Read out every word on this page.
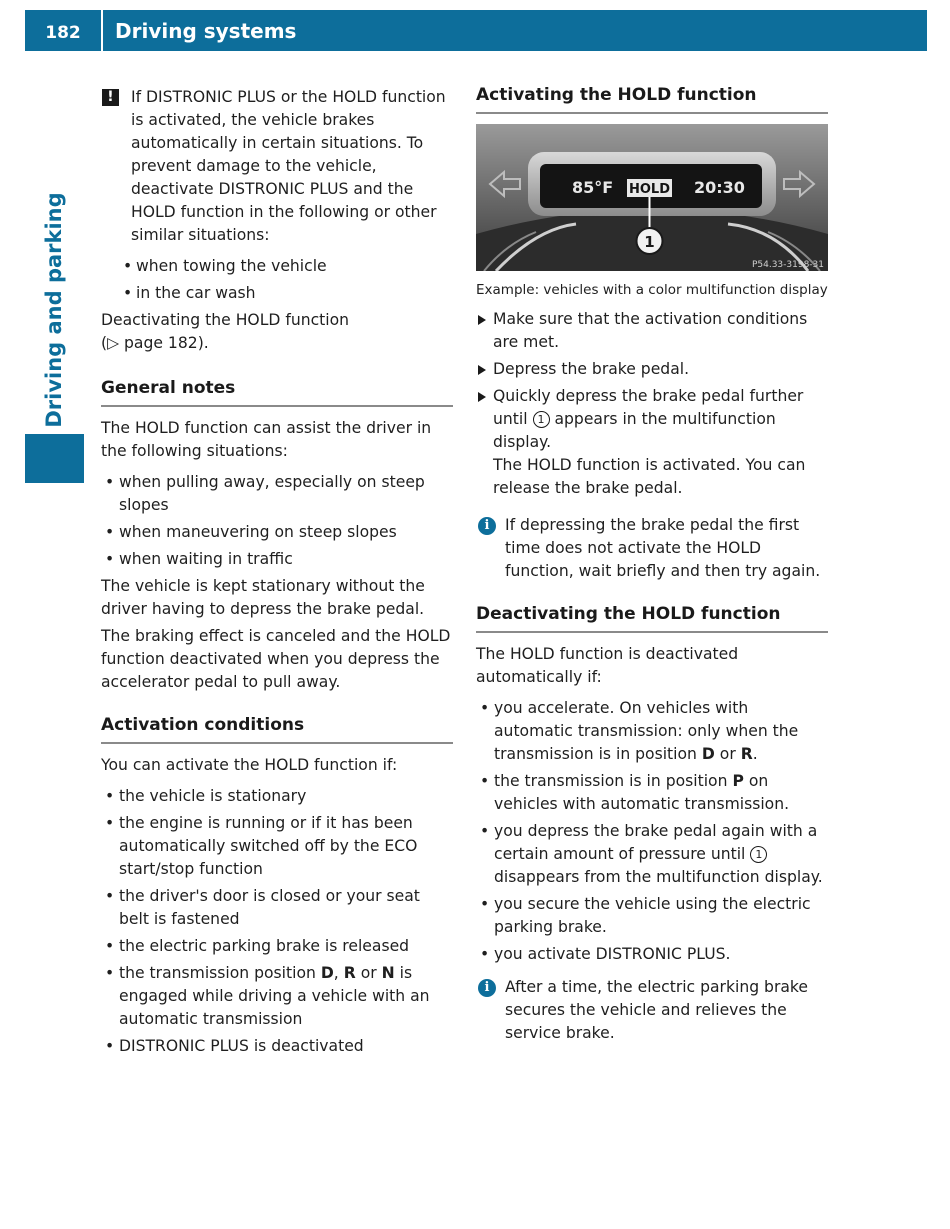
182	Driving systems
Driving and parking
!	If DISTRONIC PLUS or the HOLD function is activated, the vehicle brakes automatically in certain situations. To prevent damage to the vehicle, deactivate DISTRONIC PLUS and the HOLD function in the following or other similar situations:
• when towing the vehicle
• in the car wash

Deactivating the HOLD function
(▷ page 182).

General notes

The HOLD function can assist the driver in the following situations:

• when pulling away, especially on steep slopes
• when maneuvering on steep slopes
• when waiting in traffic

The vehicle is kept stationary without the driver having to depress the brake pedal.

The braking effect is canceled and the HOLD function deactivated when you depress the accelerator pedal to pull away.

Activation conditions

You can activate the HOLD function if:

• the vehicle is stationary
• the engine is running or if it has been automatically switched off by the ECO start/stop function
• the driver's door is closed or your seat belt is fastened
• the electric parking brake is released
• the transmission position D, R or N is engaged while driving a vehicle with an automatic transmission
• DISTRONIC PLUS is deactivated
Activating the HOLD function
85°F HOLD 20:30
1
P54.33-3198-31

Example: vehicles with a color multifunction display

Make sure that the activation conditions are met.
Depress the brake pedal.
Quickly depress the brake pedal further until 1 appears in the multifunction display.
The HOLD function is activated. You can release the brake pedal.
i If depressing the brake pedal the first time does not activate the HOLD function, wait briefly and then try again.
Deactivating the HOLD function

The HOLD function is deactivated automatically if:

• you accelerate. On vehicles with automatic transmission: only when the transmission is in position D or R.
• the transmission is in position P on vehicles with automatic transmission.
• you depress the brake pedal again with a certain amount of pressure until 1 disappears from the multifunction display.
• you secure the vehicle using the electric parking brake.
• you activate DISTRONIC PLUS.
i After a time, the electric parking brake secures the vehicle and relieves the service brake.
